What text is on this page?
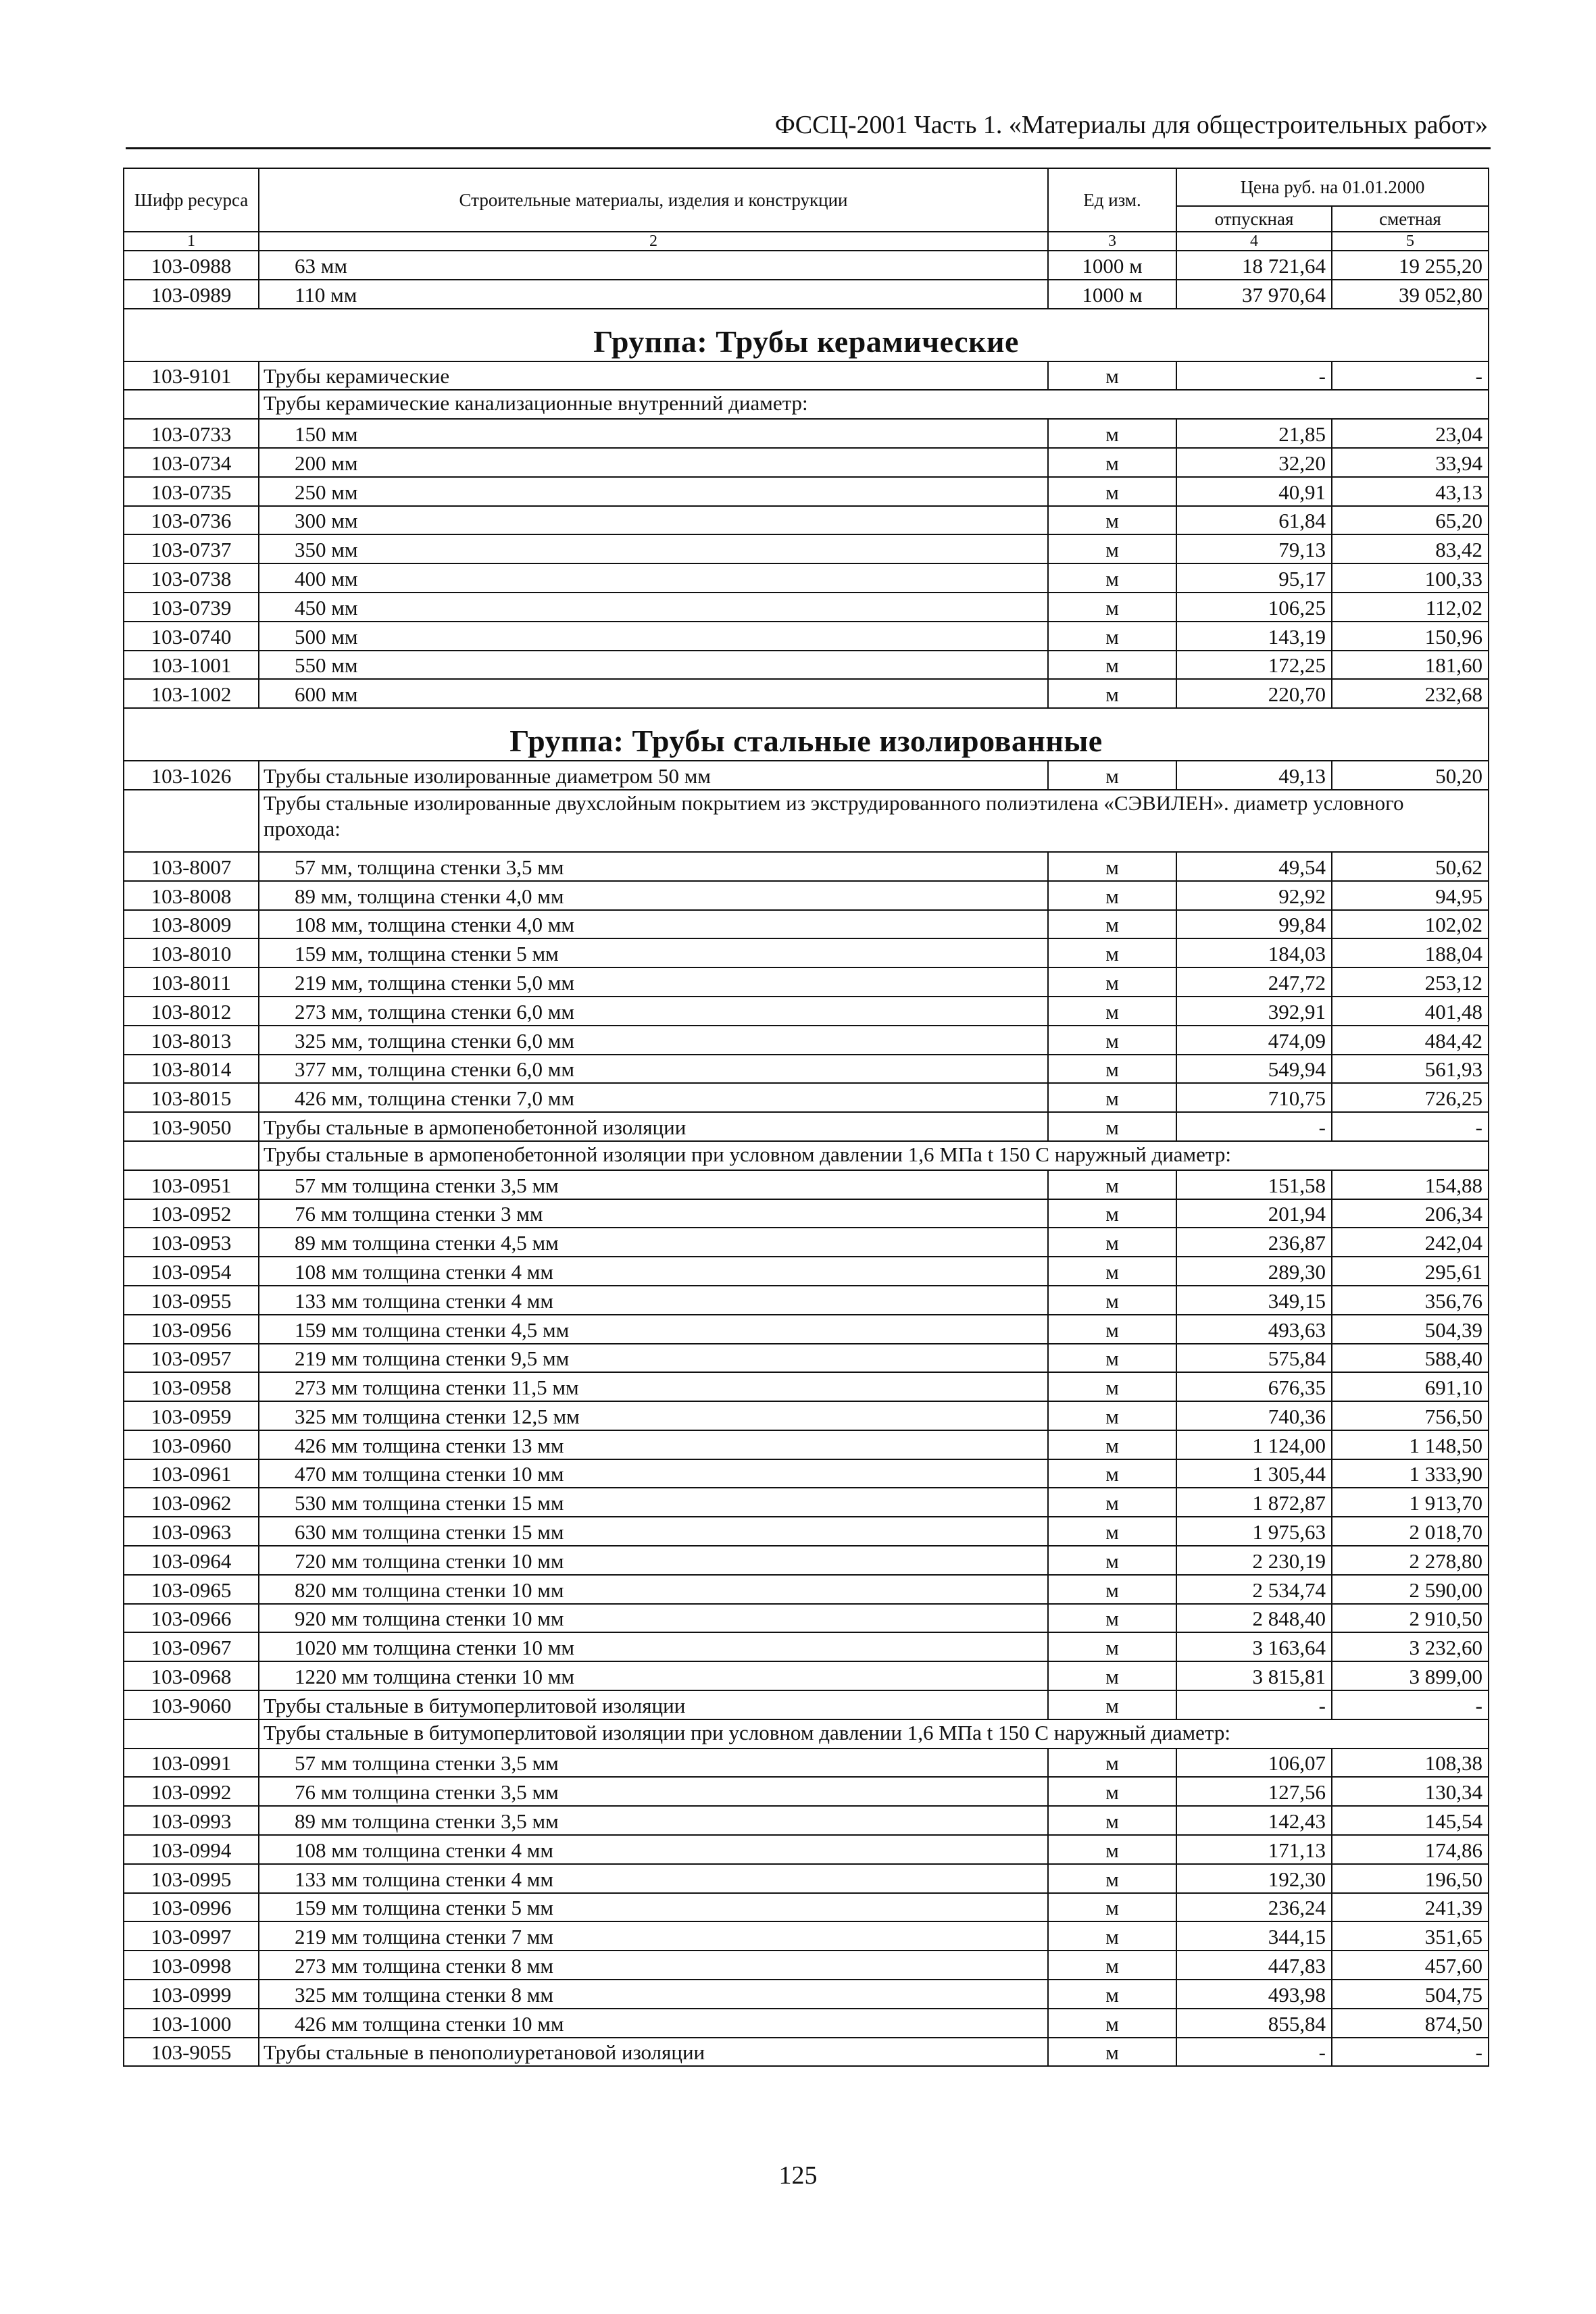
ФССЦ-2001 Часть 1. «Материалы для общестроительных работ»
Шифр ресурса	Строительные материалы, изделия и конструкции	Ед изм.	Цена руб. на 01.01.2000	
			отпускная	сметная
1	2	3	4	5
103-0988	63 мм	1000 м	18 721,64	19 255,20
103-0989	110 мм	1000 м	37 970,64	39 052,80
Группа: Трубы керамические				
103-9101	Трубы керамические	м	-	-
	Трубы керамические канализационные внутренний диаметр:			
103-0733	150 мм	м	21,85	23,04
103-0734	200 мм	м	32,20	33,94
103-0735	250 мм	м	40,91	43,13
103-0736	300 мм	м	61,84	65,20
103-0737	350 мм	м	79,13	83,42
103-0738	400 мм	м	95,17	100,33
103-0739	450 мм	м	106,25	112,02
103-0740	500 мм	м	143,19	150,96
103-1001	550 мм	м	172,25	181,60
103-1002	600 мм	м	220,70	232,68
Группа: Трубы стальные изолированные				
103-1026	Трубы стальные изолированные диаметром 50 мм	м	49,13	50,20
	Трубы стальные изолированные двухслойным покрытием из экструдированного полиэтилена «СЭВИЛЕН». диаметр условного прохода:			
103-8007	57 мм, толщина стенки 3,5 мм	м	49,54	50,62
103-8008	89 мм, толщина стенки 4,0 мм	м	92,92	94,95
103-8009	108 мм, толщина стенки 4,0 мм	м	99,84	102,02
103-8010	159 мм, толщина стенки 5 мм	м	184,03	188,04
103-8011	219 мм, толщина стенки 5,0 мм	м	247,72	253,12
103-8012	273 мм, толщина стенки 6,0 мм	м	392,91	401,48
103-8013	325 мм, толщина стенки 6,0 мм	м	474,09	484,42
103-8014	377 мм, толщина стенки 6,0 мм	м	549,94	561,93
103-8015	426 мм, толщина стенки 7,0 мм	м	710,75	726,25
103-9050	Трубы стальные в армопенобетонной изоляции	м	-	-
	Трубы стальные в армопенобетонной изоляции при условном давлении 1,6 МПа t 150 С наружный диаметр:			
103-0951	57 мм толщина стенки 3,5 мм	м	151,58	154,88
103-0952	76 мм толщина стенки 3 мм	м	201,94	206,34
103-0953	89 мм толщина стенки 4,5 мм	м	236,87	242,04
103-0954	108 мм толщина стенки 4 мм	м	289,30	295,61
103-0955	133 мм толщина стенки 4 мм	м	349,15	356,76
103-0956	159 мм толщина стенки 4,5 мм	м	493,63	504,39
103-0957	219 мм толщина стенки 9,5 мм	м	575,84	588,40
103-0958	273 мм толщина стенки 11,5 мм	м	676,35	691,10
103-0959	325 мм толщина стенки 12,5 мм	м	740,36	756,50
103-0960	426 мм толщина стенки 13 мм	м	1 124,00	1 148,50
103-0961	470 мм толщина стенки 10 мм	м	1 305,44	1 333,90
103-0962	530 мм толщина стенки 15 мм	м	1 872,87	1 913,70
103-0963	630 мм толщина стенки 15 мм	м	1 975,63	2 018,70
103-0964	720 мм толщина стенки 10 мм	м	2 230,19	2 278,80
103-0965	820 мм толщина стенки 10 мм	м	2 534,74	2 590,00
103-0966	920 мм толщина стенки 10 мм	м	2 848,40	2 910,50
103-0967	1020 мм толщина стенки 10 мм	м	3 163,64	3 232,60
103-0968	1220 мм толщина стенки 10 мм	м	3 815,81	3 899,00
103-9060	Трубы стальные в битумоперлитовой изоляции	м	-	-
	Трубы стальные в битумоперлитовой изоляции при условном давлении 1,6 МПа t 150 С наружный диаметр:			
103-0991	57 мм толщина стенки 3,5 мм	м	106,07	108,38
103-0992	76 мм толщина стенки 3,5 мм	м	127,56	130,34
103-0993	89 мм толщина стенки 3,5 мм	м	142,43	145,54
103-0994	108 мм толщина стенки 4 мм	м	171,13	174,86
103-0995	133 мм толщина стенки 4 мм	м	192,30	196,50
103-0996	159 мм толщина стенки 5 мм	м	236,24	241,39
103-0997	219 мм толщина стенки 7 мм	м	344,15	351,65
103-0998	273 мм толщина стенки 8 мм	м	447,83	457,60
103-0999	325 мм толщина стенки 8 мм	м	493,98	504,75
103-1000	426 мм толщина стенки 10 мм	м	855,84	874,50
103-9055	Трубы стальные в пенополиуретановой изоляции	м	-	-
125
